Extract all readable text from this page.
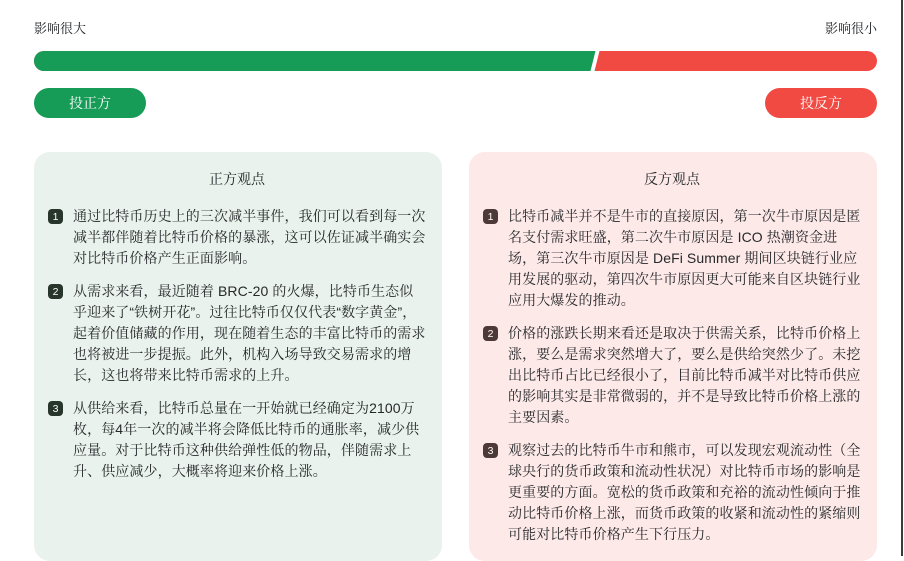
影响很大	影响很小
投正方	投反方
正方观点
1	通过比特币历史上的三次减半事件，我们可以看到每一次减半都伴随着比特币价格的暴涨，这可以佐证减半确实会对比特币价格产生正面影响。

2	从需求来看，最近随着 BRC-20 的火爆，比特币生态似乎迎来了“铁树开花”。过往比特币仅仅代表“数字黄金”，起着价值储藏的作用，现在随着生态的丰富比特币的需求也将被进一步提振。此外，机构入场导致交易需求的增长，这也将带来比特币需求的上升。

3	从供给来看，比特币总量在一开始就已经确定为2100万枚，每4年一次的减半将会降低比特币的通胀率，减少供应量。对于比特币这种供给弹性低的物品，伴随需求上升、供应减少，大概率将迎来价格上涨。

反方观点
1	比特币减半并不是牛市的直接原因，第一次牛市原因是匿名支付需求旺盛，第二次牛市原因是 ICO 热潮资金进场，第三次牛市原因是 DeFi Summer 期间区块链行业应用发展的驱动，第四次牛市原因更大可能来自区块链行业应用大爆发的推动。

2	价格的涨跌长期来看还是取决于供需关系，比特币价格上涨，要么是需求突然增大了，要么是供给突然少了。未挖出比特币占比已经很小了，目前比特币减半对比特币供应的影响其实是非常微弱的，并不是导致比特币价格上涨的主要因素。

3	观察过去的比特币牛市和熊市，可以发现宏观流动性（全球央行的货币政策和流动性状况）对比特币市场的影响是更重要的方面。宽松的货币政策和充裕的流动性倾向于推动比特币价格上涨，而货币政策的收紧和流动性的紧缩则可能对比特币价格产生下行压力。
